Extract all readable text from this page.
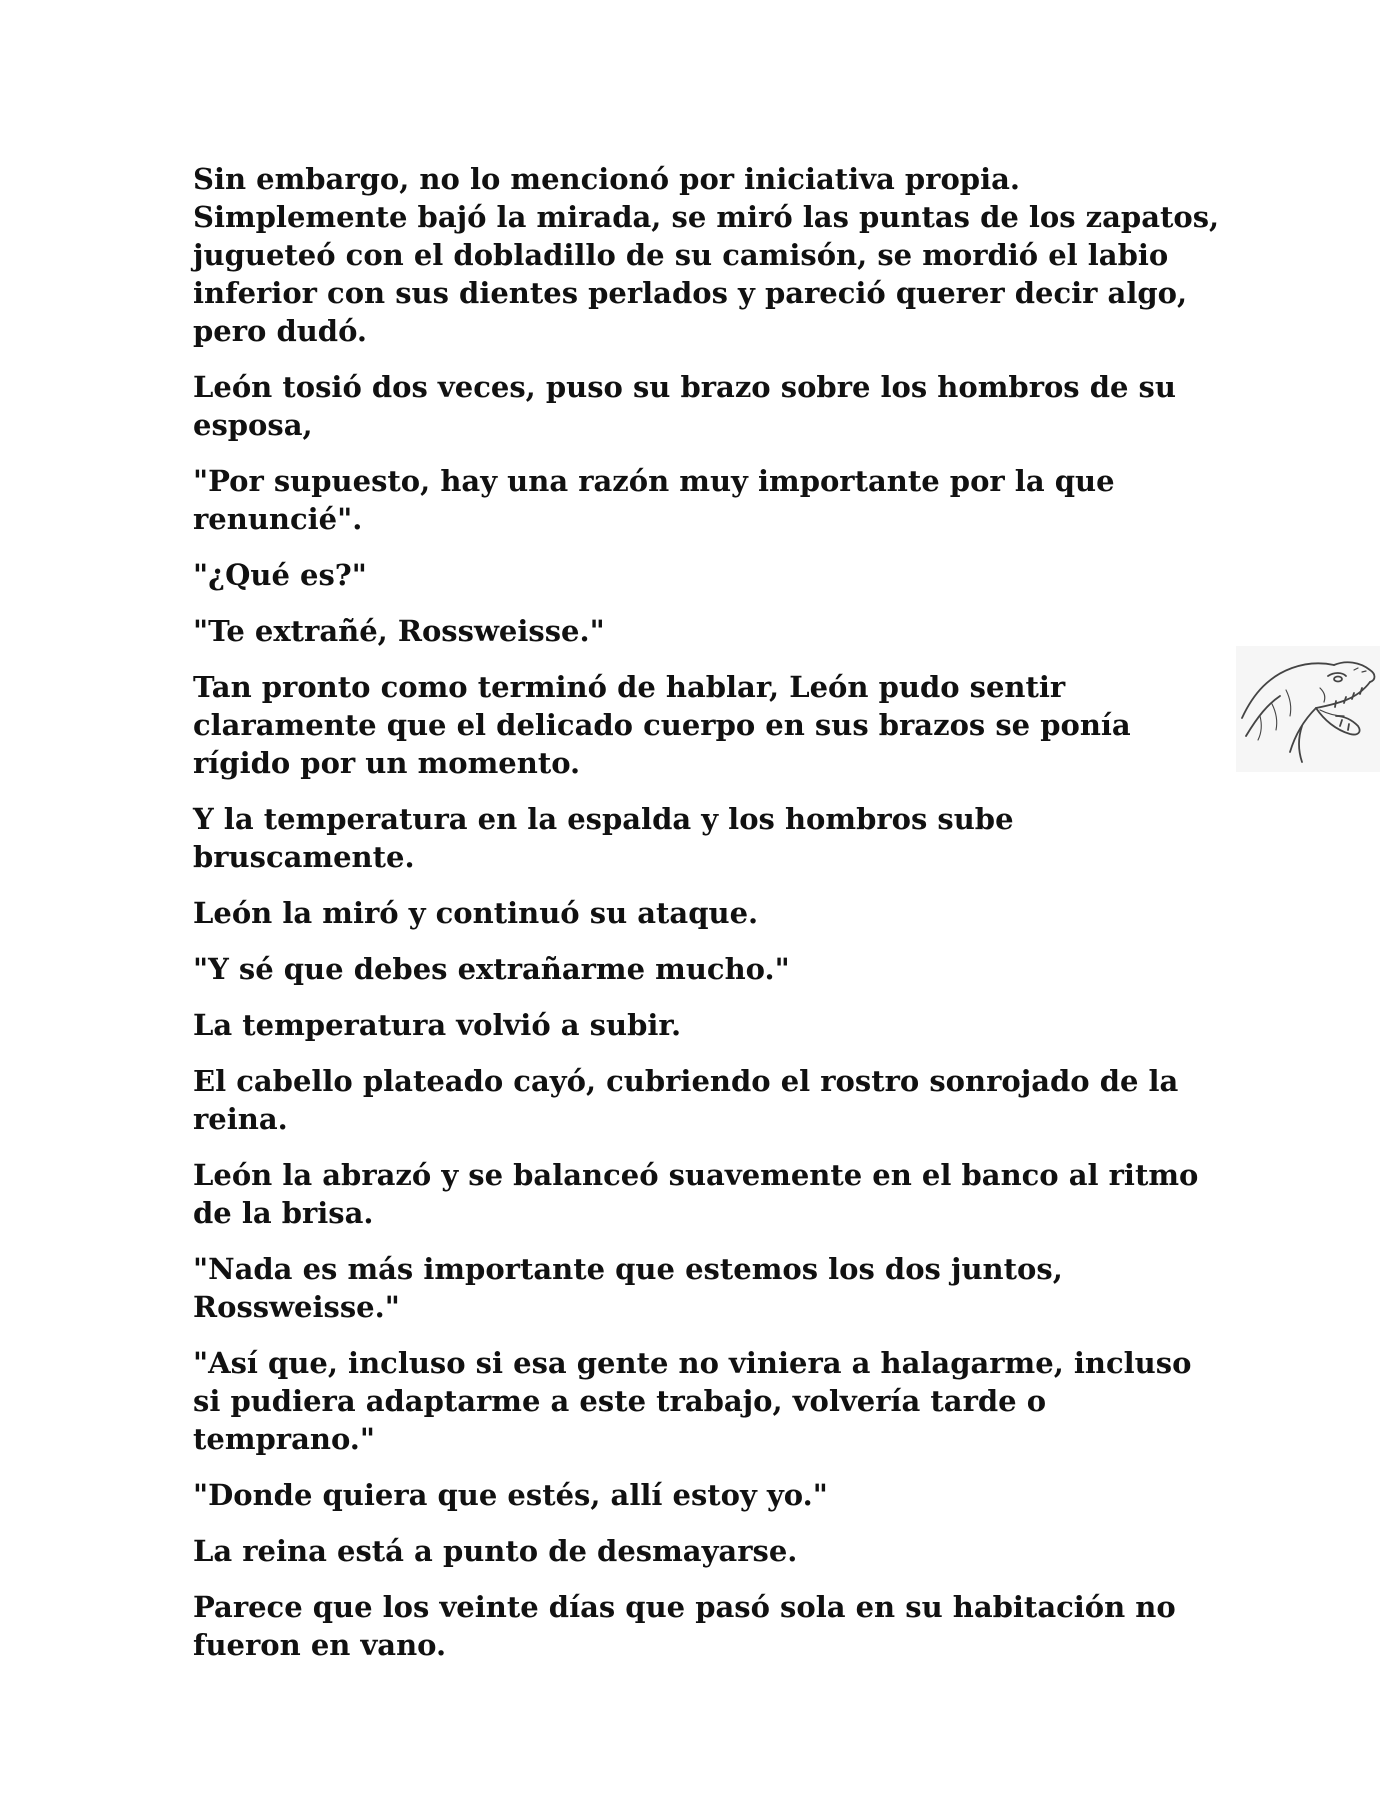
Sin embargo, no lo mencionó por iniciativa propia. Simplemente bajó la mirada, se miró las puntas de los zapatos, jugueteó con el dobladillo de su camisón, se mordió el labio inferior con sus dientes perlados y pareció querer decir algo, pero dudó.

León tosió dos veces, puso su brazo sobre los hombros de su esposa,

"Por supuesto, hay una razón muy importante por la que renuncié".

"¿Qué es?"

"Te extrañé, Rossweisse."

Tan pronto como terminó de hablar, León pudo sentir claramente que el delicado cuerpo en sus brazos se ponía rígido por un momento.

Y la temperatura en la espalda y los hombros sube bruscamente.

León la miró y continuó su ataque.

"Y sé que debes extrañarme mucho."

La temperatura volvió a subir.

El cabello plateado cayó, cubriendo el rostro sonrojado de la reina.

León la abrazó y se balanceó suavemente en el banco al ritmo de la brisa.

"Nada es más importante que estemos los dos juntos, Rossweisse."

"Así que, incluso si esa gente no viniera a halagarme, incluso si pudiera adaptarme a este trabajo, volvería tarde o temprano."

"Donde quiera que estés, allí estoy yo."

La reina está a punto de desmayarse.

Parece que los veinte días que pasó sola en su habitación no fueron en vano.
